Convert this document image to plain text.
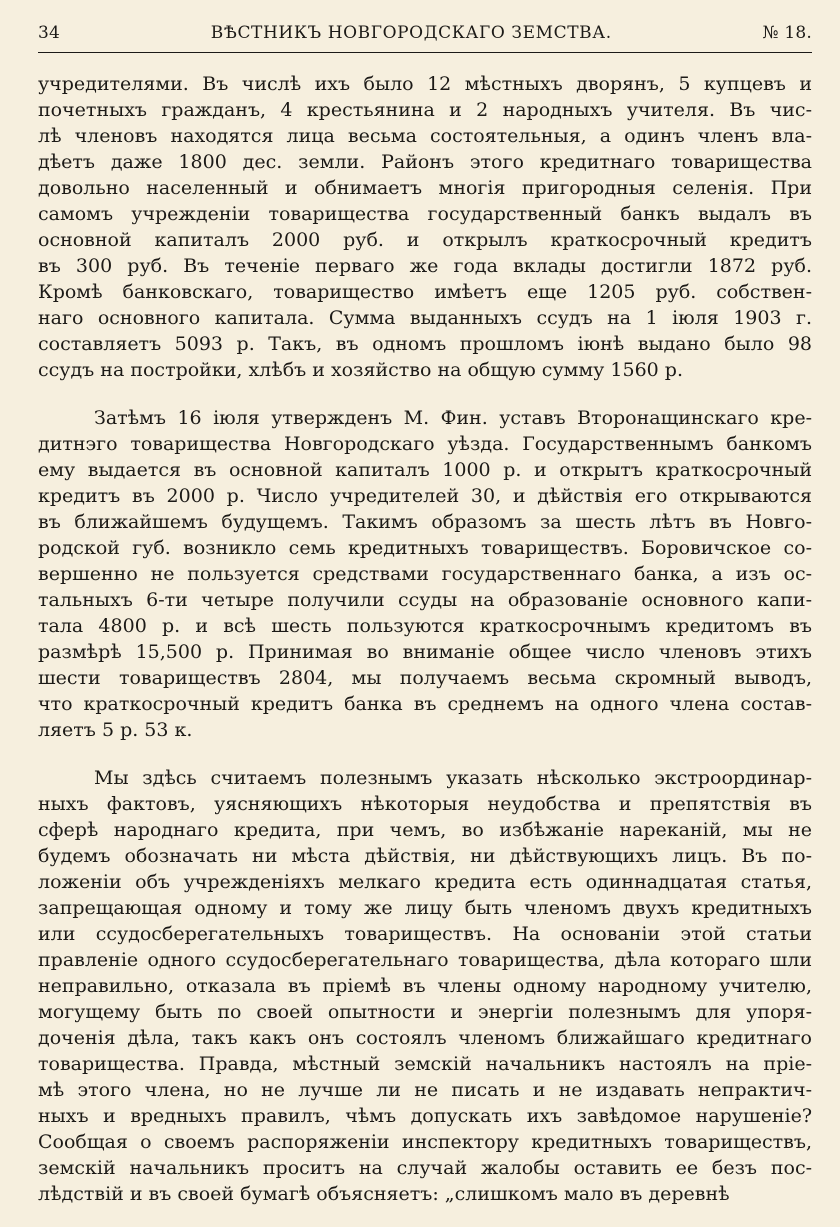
34	ВѢСТНИКЪ НОВГОРОДСКАГО ЗЕМСТВА.	№ 18.

учредителями. Въ числѣ ихъ было 12 мѣстныхъ дворянъ, 5 купцевъ и
почетныхъ гражданъ, 4 крестьянина и 2 народныхъ учителя. Въ чис-
лѣ членовъ находятся лица весьма состоятельныя, а одинъ членъ вла-
дѣетъ даже 1800 дес. земли. Районъ этого кредитнаго товарищества
довольно населенный и обнимаетъ многія пригородныя селенія. При
самомъ учрежденіи товарищества государственный банкъ выдалъ въ
основной капиталъ 2000 руб. и открылъ краткосрочный кредитъ
въ 300 руб. Въ теченіе перваго же года вклады достигли 1872 руб.
Кромѣ банковскаго, товарищество имѣетъ еще 1205 руб. собствен-
наго основного капитала. Сумма выданныхъ ссудъ на 1 іюля 1903 г.
составляетъ 5093 р. Такъ, въ одномъ прошломъ іюнѣ выдано было 98
ссудъ на постройки, хлѣбъ и хозяйство на общую сумму 1560 р.

Затѣмъ 16 іюля утвержденъ М. Фин. уставъ Второнащинскаго кре-
дитнэго товарищества Новгородскаго уѣзда. Государственнымъ банкомъ
ему выдается въ основной капиталъ 1000 р. и открытъ краткосрочный
кредитъ въ 2000 р. Число учредителей 30, и дѣйствія его открываются
въ ближайшемъ будущемъ. Такимъ образомъ за шесть лѣтъ въ Новго-
родской губ. возникло семь кредитныхъ товариществъ. Боровичское со-
вершенно не пользуется средствами государственнаго банка, а изъ ос-
тальныхъ 6-ти четыре получили ссуды на образованіе основного капи-
тала 4800 р. и всѣ шесть пользуются краткосрочнымъ кредитомъ въ
размѣрѣ 15,500 р. Принимая во вниманіе общее число членовъ этихъ
шести товариществъ 2804, мы получаемъ весьма скромный выводъ,
что краткосрочный кредитъ банка въ среднемъ на одного члена состав-
ляетъ 5 р. 53 к.

Мы здѣсь считаемъ полезнымъ указать нѣсколько экстроординар-
ныхъ фактовъ, уясняющихъ нѣкоторыя неудобства и препятствія въ
сферѣ народнаго кредита, при чемъ, во избѣжаніе нареканій, мы не
будемъ обозначать ни мѣста дѣйствія, ни дѣйствующихъ лицъ. Въ по-
ложеніи объ учрежденіяхъ мелкаго кредита есть одиннадцатая статья,
запрещающая одному и тому же лицу быть членомъ двухъ кредитныхъ
или ссудосберегательныхъ товариществъ. На основаніи этой статьи
правленіе одного ссудосберегательнаго товарищества, дѣла котораго шли
неправильно, отказала въ пріемѣ въ члены одному народному учителю,
могущему быть по своей опытности и энергіи полезнымъ для упоря-
доченія дѣла, такъ какъ онъ состоялъ членомъ ближайшаго кредитнаго
товарищества. Правда, мѣстный земскій начальникъ настоялъ на пріе-
мѣ этого члена, но не лучше ли не писать и не издавать непрактич-
ныхъ и вредныхъ правилъ, чѣмъ допускать ихъ завѣдомое нарушеніе?
Сообщая о своемъ распоряженіи инспектору кредитныхъ товариществъ,
земскій начальникъ проситъ на случай жалобы оставить ее безъ пос-
лѣдствій и въ своей бумагѣ объясняетъ: „слишкомъ мало въ деревнѣ
